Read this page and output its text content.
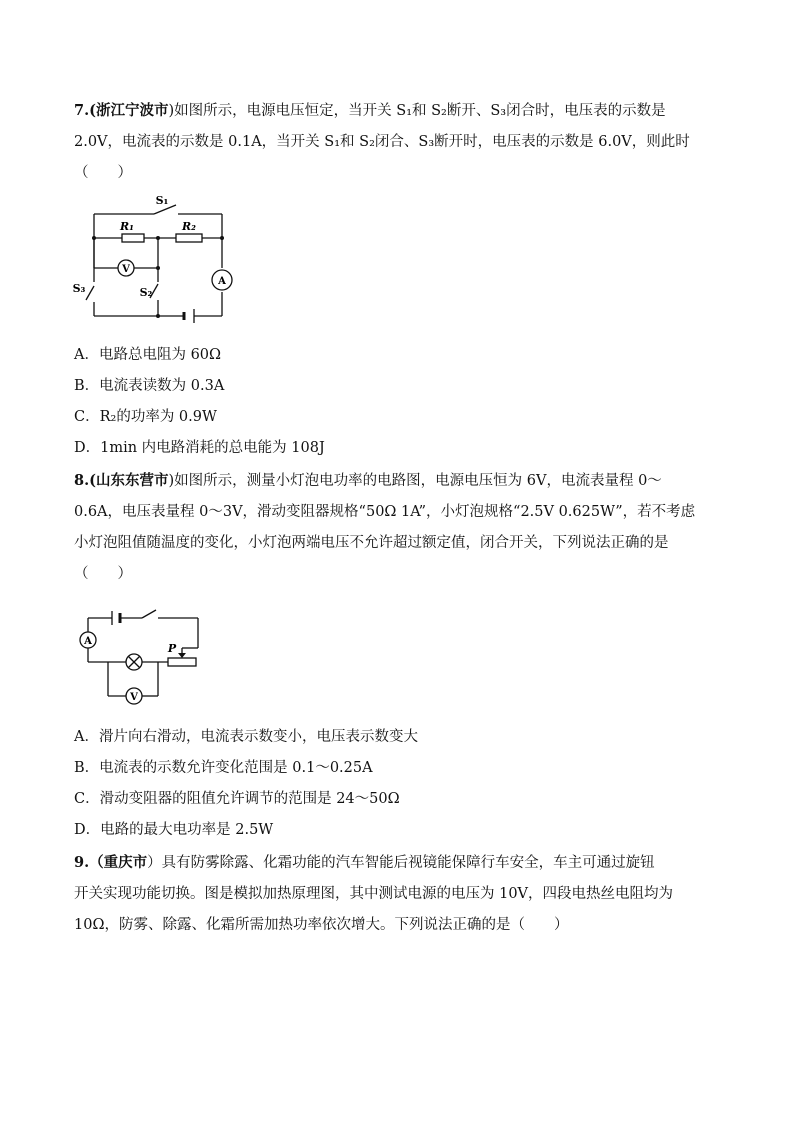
7.(浙江宁波市)如图所示，电源电压恒定，当开关 S₁和 S₂断开、S₃闭合时，电压表的示数是
2.0V，电流表的示数是 0.1A，当开关 S₁和 S₂闭合、S₃断开时，电压表的示数是 6.0V，则此时
（　　）
R₁	R₂
S₁
S₂
S₃
V
A
A．电路总电阻为 60Ω
B．电流表读数为 0.3A
C．R₂的功率为 0.9W
D．1min 内电路消耗的总电能为 108J
8.(山东东营市)如图所示，测量小灯泡电功率的电路图，电源电压恒为 6V，电流表量程 0～
0.6A，电压表量程 0～3V，滑动变阻器规格“50Ω 1A”，小灯泡规格“2.5V 0.625W”，若不考虑
小灯泡阻值随温度的变化，小灯泡两端电压不允许超过额定值，闭合开关，下列说法正确的是
（　　）
A
V
P
A．滑片向右滑动，电流表示数变小，电压表示数变大
B．电流表的示数允许变化范围是 0.1～0.25A
C．滑动变阻器的阻值允许调节的范围是 24～50Ω
D．电路的最大电功率是 2.5W
9.（重庆市）具有防雾除露、化霜功能的汽车智能后视镜能保障行车安全，车主可通过旋钮
开关实现功能切换。图是模拟加热原理图，其中测试电源的电压为 10V，四段电热丝电阻均为
10Ω，防雾、除露、化霜所需加热功率依次增大。下列说法正确的是（　　）
